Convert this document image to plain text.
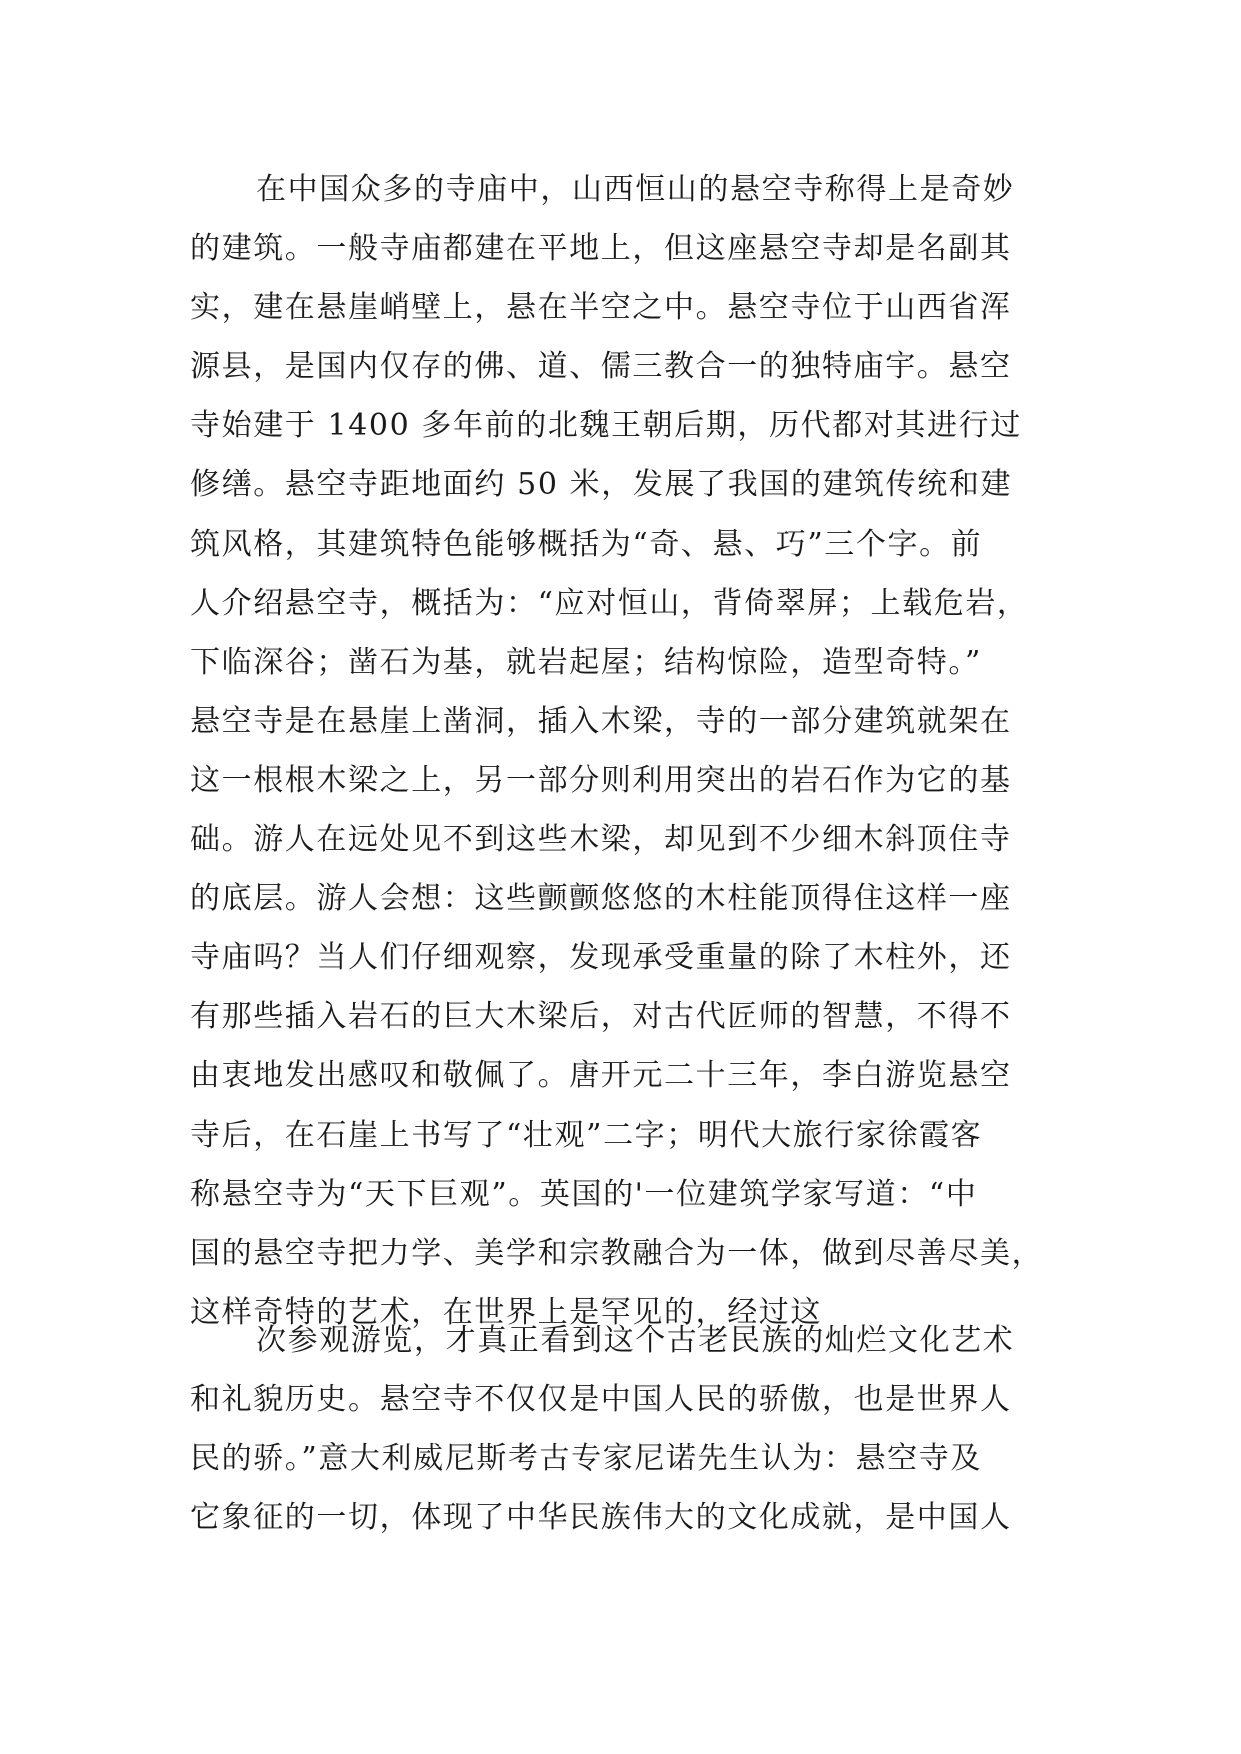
在中国众多的寺庙中，山西恒山的悬空寺称得上是奇妙
的建筑。一般寺庙都建在平地上，但这座悬空寺却是名副其
实，建在悬崖峭壁上，悬在半空之中。悬空寺位于山西省浑
源县，是国内仅存的佛、道、儒三教合一的独特庙宇。悬空
寺始建于 1400 多年前的北魏王朝后期，历代都对其进行过
修缮。悬空寺距地面约 50 米，发展了我国的建筑传统和建
筑风格，其建筑特色能够概括为“奇、悬、巧”三个字。前
人介绍悬空寺，概括为：“应对恒山，背倚翠屏；上载危岩，
下临深谷；凿石为基，就岩起屋；结构惊险，造型奇特。”
悬空寺是在悬崖上凿洞，插入木梁，寺的一部分建筑就架在
这一根根木梁之上，另一部分则利用突出的岩石作为它的基
础。游人在远处见不到这些木梁，却见到不少细木斜顶住寺
的底层。游人会想：这些颤颤悠悠的木柱能顶得住这样一座
寺庙吗？当人们仔细观察，发现承受重量的除了木柱外，还
有那些插入岩石的巨大木梁后，对古代匠师的智慧，不得不
由衷地发出感叹和敬佩了。唐开元二十三年，李白游览悬空
寺后，在石崖上书写了“壮观”二字；明代大旅行家徐霞客
称悬空寺为“天下巨观”。英国的'一位建筑学家写道：“中
国的悬空寺把力学、美学和宗教融合为一体，做到尽善尽美，
这样奇特的艺术，在世界上是罕见的，经过这
次参观游览，才真正看到这个古老民族的灿烂文化艺术
和礼貌历史。悬空寺不仅仅是中国人民的骄傲，也是世界人
民的骄。”意大利威尼斯考古专家尼诺先生认为：悬空寺及
它象征的一切，体现了中华民族伟大的文化成就，是中国人
